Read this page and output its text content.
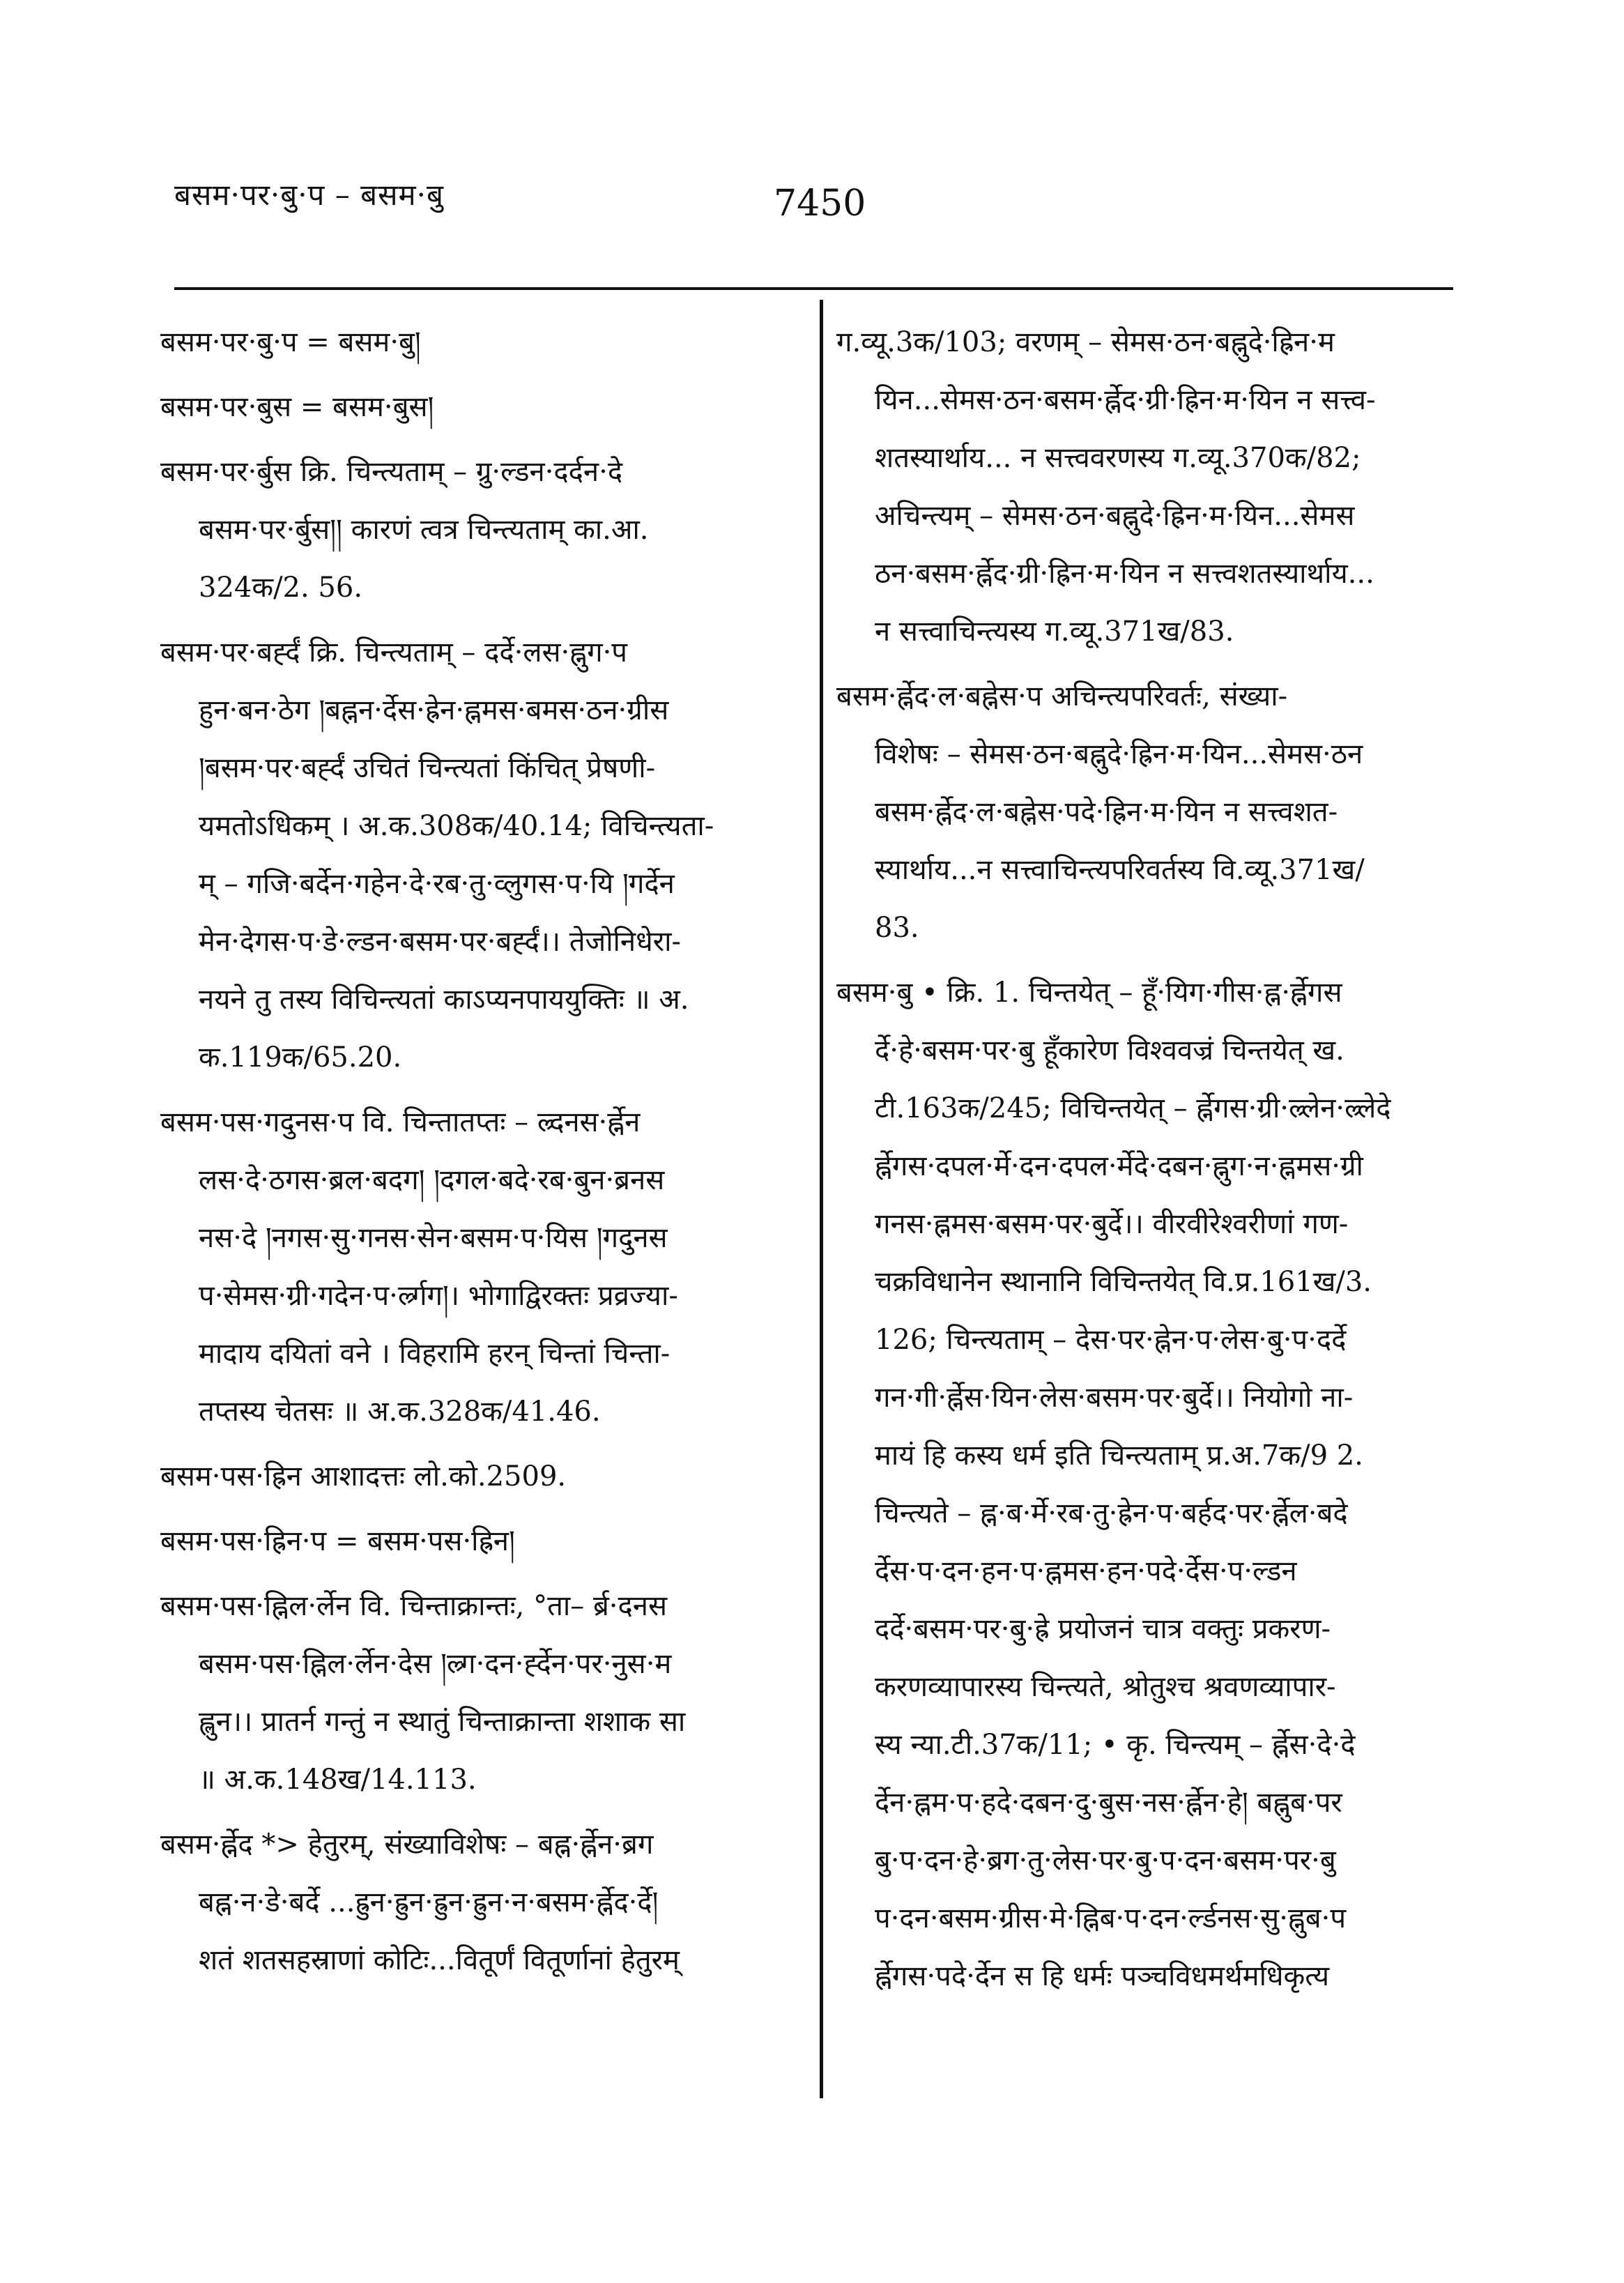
बसम·पर·बु·प – बसम·बु	7450
बसम·पर·बु·प = बसम·बु།
बसम·पर·बुस = बसम·बुस།
बसम·पर·र्बुस क्रि. चिन्त्यताम् – ग्रु·ल्डन·दर्दन·दे
बसम·पर·र्बुस།། कारणं त्वत्र चिन्त्यताम् का.आ.
324क/2. 56.
बसम·पर·बर्ह्दं क्रि. चिन्त्यताम् – दर्दे·लस·ह्नुग·प
हुन·बन·ठेग །बह्नन·र्देस·ह्रेन·ह्नमस·बमस·ठन·ग्रीस
།बसम·पर·बर्ह्दं उचितं चिन्त्यतां किंचित् प्रेषणी-
यमतोऽधिकम् । अ.क.308क/40.14; विचिन्त्यता-
म् – गजि·बर्देन·गहेन·दे·रब·तु·व्लुगस·प·यि །गर्देन
मेन·देगस·प·डे·ल्डन·बसम·पर·बर्ह्दं।। तेजोनिधेरा-
नयने तु तस्य विचिन्त्यतां काऽप्यनपाययुक्तिः ॥ अ.
क.119क/65.20.
बसम·पस·गदुनस·प वि. चिन्तातप्तः – ल्र्दनस·र्ह्नेन
लस·दे·ठगस·ब्रल·बदग། །दगल·बदे·रब·बुन·ब्रनस
नस·दे །नगस·सु·गनस·सेन·बसम·प·यिस །गदुनस
प·सेमस·ग्री·गदेन·प·र्ल्र्गग།। भोगाद्विरक्तः प्रव्रज्या-
मादाय दयितां वने । विहरामि हरन् चिन्तां चिन्ता-
तप्तस्य चेतसः ॥ अ.क.328क/41.46.
बसम·पस·ह्रिन आशादत्तः लो.को.2509.
बसम·पस·ह्रिन·प = बसम·पस·ह्रिन།
बसम·पस·ह्निल·र्लेन वि. चिन्ताक्रान्तः, °ता– र्ब्र·दनस
बसम·पस·ह्निल·र्लेन·देस །ल्र्ग·दन·र्ह्देन·पर·नुस·म
ह्लुन।। प्रातर्न गन्तुं न स्थातुं चिन्ताक्रान्ता शशाक सा
॥ अ.क.148ख/14.113.
बसम·र्ह्नेद *> हेतुरम्, संख्याविशेषः – बह्न·र्ह्नेन·ब्रग
बह्न·न·डे·बर्दे ...ह्रुन·ह्रुन·ह्रुन·ह्रुन·न·बसम·र्ह्नेद·र्दे།
शतं शतसहस्राणां कोटिः...वितूर्णं वितूर्णानां हेतुरम्
ग.व्यू.3क/103; वरणम् – सेमस·ठन·बह्नुदे·ह्रिन·म
यिन...सेमस·ठन·बसम·र्ह्नेद·ग्री·ह्रिन·म·यिन न सत्त्व-
शतस्यार्थाय... न सत्त्ववरणस्य ग.व्यू.370क/82;
अचिन्त्यम् – सेमस·ठन·बह्नुदे·ह्रिन·म·यिन...सेमस
ठन·बसम·र्ह्नेद·ग्री·ह्रिन·म·यिन न सत्त्वशतस्यार्थाय...
न सत्त्वाचिन्त्यस्य ग.व्यू.371ख/83.
बसम·र्ह्नेद·ल·बह्नेस·प अचिन्त्यपरिवर्तः, संख्या-
विशेषः – सेमस·ठन·बह्नुदे·ह्रिन·म·यिन...सेमस·ठन
बसम·र्ह्नेद·ल·बह्नेस·पदे·ह्रिन·म·यिन न सत्त्वशत-
स्यार्थाय...न सत्त्वाचिन्त्यपरिवर्तस्य वि.व्यू.371ख/
83.
बसम·बु • क्रि. 1. चिन्तयेत् – हूँ·यिग·गीस·ह्न·र्ह्नेगस
र्दे·हे·बसम·पर·बु हूँकारेण विश्ववज्रं चिन्तयेत् ख.
टी.163क/245; विचिन्तयेत् – र्ह्नेगस·ग्री·ल्र्लेन·ल्र्लेदे
र्ह्नेगस·दपल·र्मे·दन·दपल·र्मेदे·दबन·ह्नुग·न·ह्नमस·ग्री
गनस·ह्नमस·बसम·पर·बुर्दे।। वीरवीरेश्वरीणां गण-
चक्रविधानेन स्थानानि विचिन्तयेत् वि.प्र.161ख/3.
126; चिन्त्यताम् – देस·पर·ह्नेन·प·लेस·बु·प·दर्दे
गन·गी·र्ह्नेस·यिन·लेस·बसम·पर·बुर्दे।। नियोगो ना-
मायं हि कस्य धर्म इति चिन्त्यताम् प्र.अ.7क/9 2.
चिन्त्यते – ह्न·ब·र्मे·रब·तु·ह्रेन·प·बर्हद·पर·र्ह्नेल·बदे
र्देस·प·दन·हन·प·ह्नमस·हन·पदे·र्देस·प·ल्डन
दर्दे·बसम·पर·बु·ह्रे प्रयोजनं चात्र वक्तुः प्रकरण-
करणव्यापारस्य चिन्त्यते, श्रोतुश्च श्रवणव्यापार-
स्य न्या.टी.37क/11; • कृ. चिन्त्यम् – र्ह्नेस·दे·दे
र्देन·ह्नम·प·हदे·दबन·दु·बुस·नस·र्ह्नेन·हे། बह्नुब·पर
बु·प·दन·हे·ब्रग·तु·लेस·पर·बु·प·दन·बसम·पर·बु
प·दन·बसम·ग्रीस·मे·ह्निब·प·दन·र्ल्डनस·सु·ह्नुब·प
र्ह्नेगस·पदे·र्देन स हि धर्मः पञ्चविधमर्थमधिकृत्य
